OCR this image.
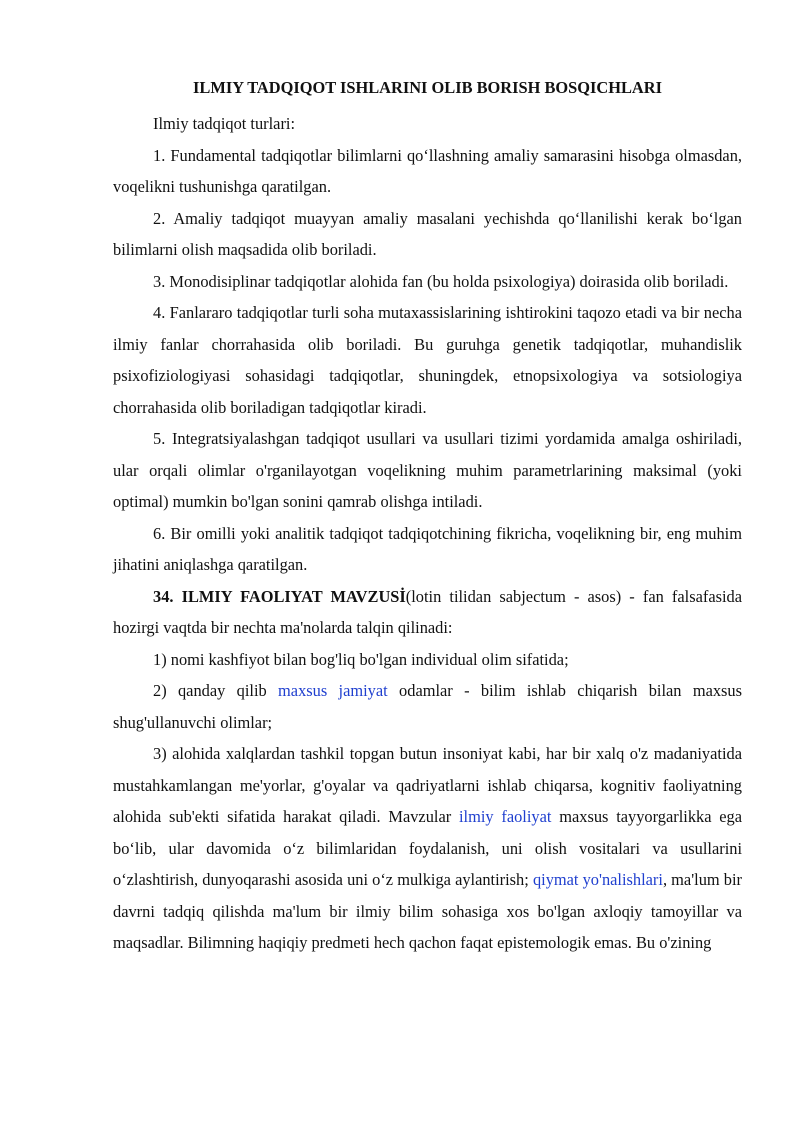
ILMIY TADQIQOT ISHLARINI OLIB BORISH BOSQICHLARI

Ilmiy tadqiqot turlari:

1. Fundamental tadqiqotlar bilimlarni qo‘llashning amaliy samarasini hisobga olmasdan, voqelikni tushunishga qaratilgan.

2. Amaliy tadqiqot muayyan amaliy masalani yechishda qo‘llanilishi kerak bo‘lgan bilimlarni olish maqsadida olib boriladi.

3. Monodisiplinar tadqiqotlar alohida fan (bu holda psixologiya) doirasida olib boriladi.

4. Fanlararo tadqiqotlar turli soha mutaxassislarining ishtirokini taqozo etadi va bir necha ilmiy fanlar chorrahasida olib boriladi. Bu guruhga genetik tadqiqotlar, muhandislik psixofiziologiyasi sohasidagi tadqiqotlar, shuningdek, etnopsixologiya va sotsiologiya chorrahasida olib boriladigan tadqiqotlar kiradi.

5. Integratsiyalashgan tadqiqot usullari va usullari tizimi yordamida amalga oshiriladi, ular orqali olimlar o'rganilayotgan voqelikning muhim parametrlarining maksimal (yoki optimal) mumkin bo'lgan sonini qamrab olishga intiladi.

6. Bir omilli yoki analitik tadqiqot tadqiqotchining fikricha, voqelikning bir, eng muhim jihatini aniqlashga qaratilgan.

34. ILMIY FAOLIYAT MAVZUSİ(lotin tilidan sabjectum - asos) - fan falsafasida hozirgi vaqtda bir nechta ma'nolarda talqin qilinadi:

1) nomi kashfiyot bilan bog'liq bo'lgan individual olim sifatida;

2) qanday qilib maxsus jamiyat odamlar - bilim ishlab chiqarish bilan maxsus shug'ullanuvchi olimlar;

3) alohida xalqlardan tashkil topgan butun insoniyat kabi, har bir xalq o'z madaniyatida mustahkamlangan me'yorlar, g'oyalar va qadriyatlarni ishlab chiqarsa, kognitiv faoliyatning alohida sub'ekti sifatida harakat qiladi. Mavzular ilmiy faoliyat maxsus tayyorgarlikka ega bo‘lib, ular davomida o‘z bilimlaridan foydalanish, uni olish vositalari va usullarini o‘zlashtirish, dunyoqarashi asosida uni o‘z mulkiga aylantirish; qiymat yo'nalishlari, ma'lum bir davrni tadqiq qilishda ma'lum bir ilmiy bilim sohasiga xos bo'lgan axloqiy tamoyillar va maqsadlar. Bilimning haqiqiy predmeti hech qachon faqat epistemologik emas. Bu o'zining
